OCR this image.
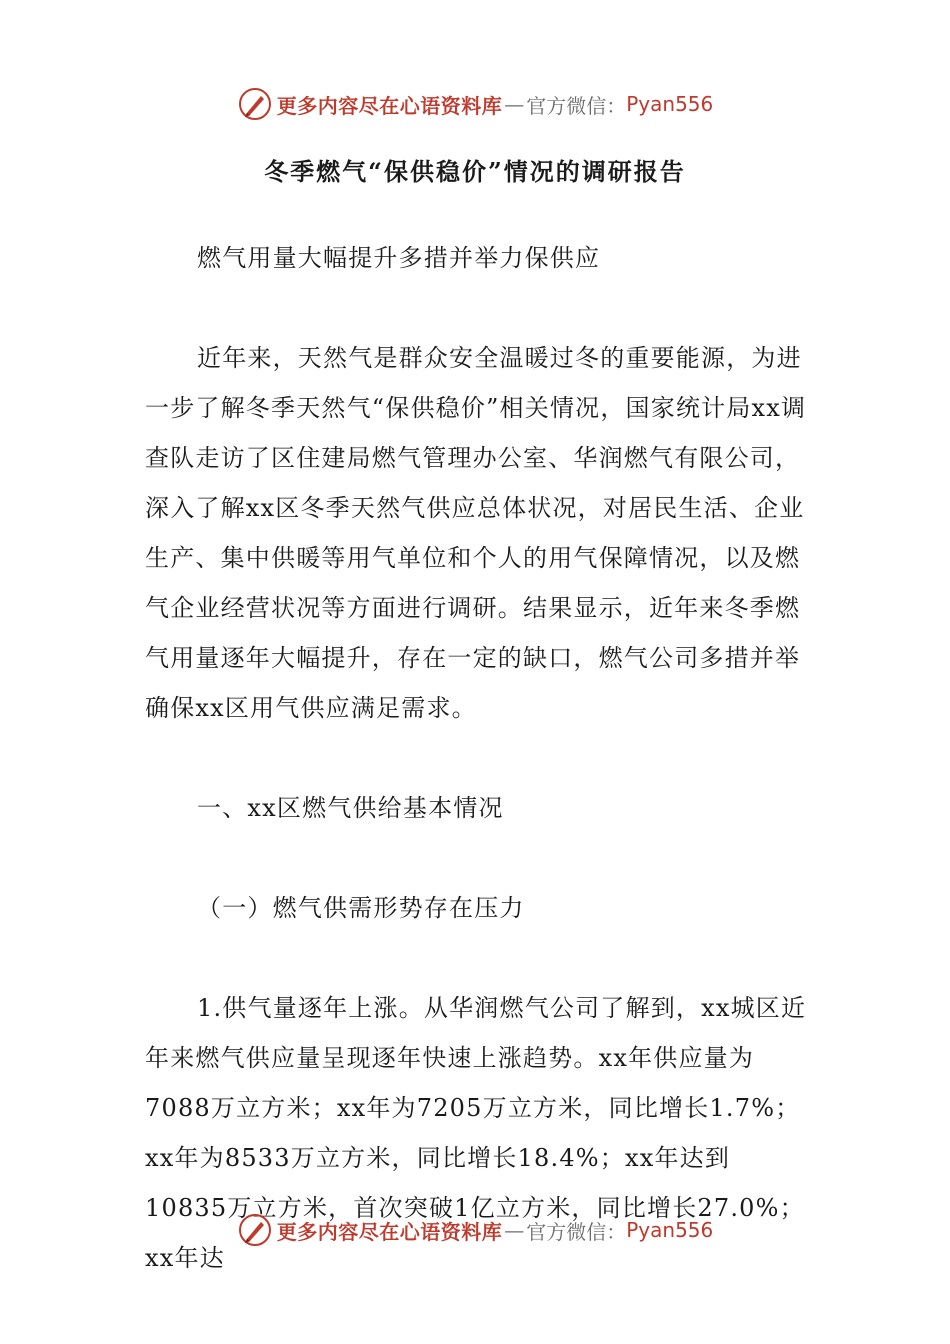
更多内容尽在心语资料库 — 官方微信： Pyan556
冬季燃气“保供稳价”情况的调研报告

燃气用量大幅提升多措并举力保供应

近年来，天然气是群众安全温暖过冬的重要能源，为进一步了解冬季天然气“保供稳价”相关情况，国家统计局xx调查队走访了区住建局燃气管理办公室、华润燃气有限公司，深入了解xx区冬季天然气供应总体状况，对居民生活、企业生产、集中供暖等用气单位和个人的用气保障情况，以及燃气企业经营状况等方面进行调研。结果显示，近年来冬季燃气用量逐年大幅提升，存在一定的缺口，燃气公司多措并举确保xx区用气供应满足需求。

一、xx区燃气供给基本情况

（一）燃气供需形势存在压力

1.供气量逐年上涨。从华润燃气公司了解到，xx城区近年来燃气供应量呈现逐年快速上涨趋势。xx年供应量为7088万立方米；xx年为7205万立方米，同比增长1.7%；xx年为8533万立方米，同比增长18.4%；xx年达到10835万立方米，首次突破1亿立方米，同比增长27.0%；xx年达

更多内容尽在心语资料库 — 官方微信： Pyan556
